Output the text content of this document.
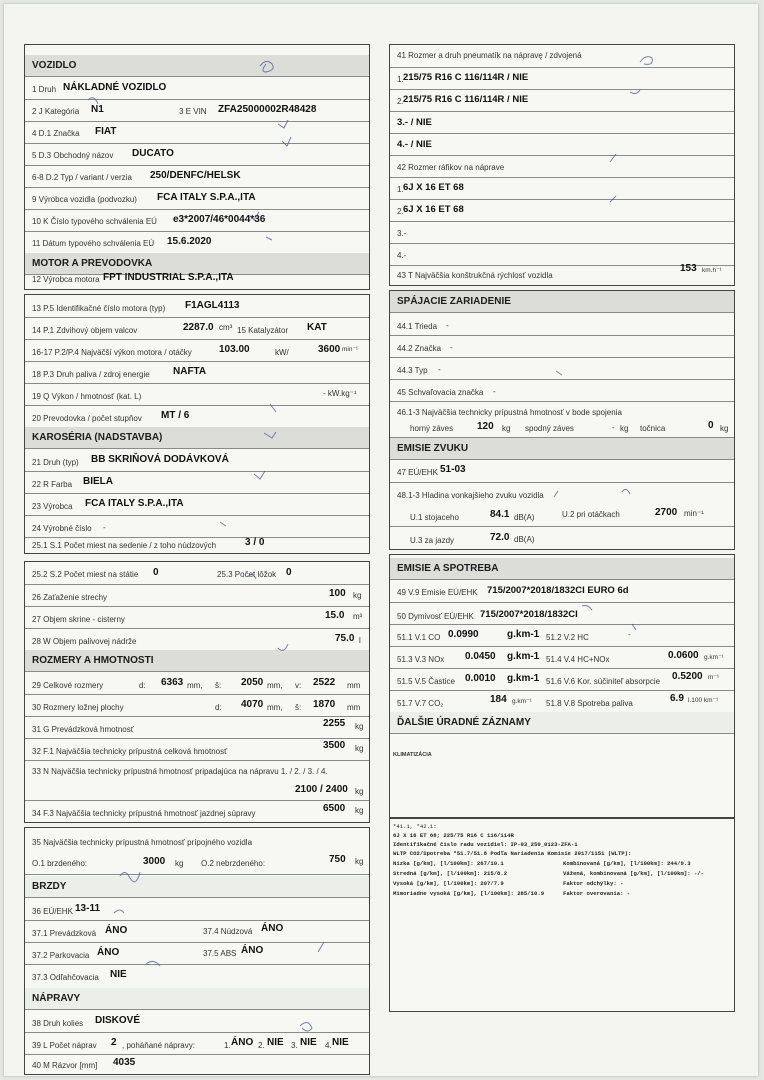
VOZIDLO
1 Druh NÁKLADNÉ VOZIDLO
2 J Kategória N1	3 E VIN ZFA25000002R48428
4 D.1 Značka FIAT
5 D.3 Obchodný názov DUCATO
6-8 D.2 Typ / variant / verzia 250/DENFC/HELSK
9 Výrobca vozidla (podvozku) FCA ITALY S.P.A.,ITA
10 K Číslo typového schválenia EÚ e3*2007/46*0044*36
11 Dátum typového schválenia EÚ 15.6.2020
MOTOR A PREVODOVKA
12 Výrobca motora FPT INDUSTRIAL S.P.A.,ITA
41 Rozmer a druh pneumatík na nápravę / zdvojená
1. 215/75 R16 C 116/114R / NIE
2. 215/75 R16 C 116/114R / NIE
3.- / NIE
4.- / NIE
42 Rozmer ráfikov na náprave
1. 6J X 16 ET 68
2. 6J X 16 ET 68
3.-
4.-
43 T Najväčšia konštrukčná rýchlosť vozidla
153 km.h⁻¹
13 P.5 Identifikačné číslo motora (typ) F1AGL4113
14 P.1 Zdvihový objem valcov	2287.0 cm³ 15 Katalyzátor KAT
16-17 P.2/P.4 Najväčší výkon motora / otáčky	103.00	kW/	3600 min⁻¹
18 P.3 Druh paliva / zdroj energie NAFTA
19 Q Výkon / hmotnosť (kat. L)	- kW.kg⁻¹
20 Prevodovka / počet stupňov MT / 6
KAROSÉRIA (NADSTAVBA)
21 Druh (typ) BB SKRIŇOVÁ DODÁVKOVÁ
22 R Farba BIELA
23 Výrobca FCA ITALY S.P.A.,ITA
24 Výrobné číslo -
25.1 S.1 Počet miest na sedenie / z toho núdzových	3 / 0
SPÁJACIE ZARIADENIE
44.1 Trieda -
44.2 Značka -
44.3 Typ -
45 Schvaľovacia značka -
46.1-3 Najväčšia technicky prípustná hmotnosť v bode spojenia
horný záves 120 kg spodný záves	- kg točnica	0 kg
EMISIE ZVUKU
47 EÚ/EHK 51-03
48.1-3 Hladina vonkajšieho zvuku vozidla
U.1 stojaceho	84.1 dB(A)	U.2 pri otáčkach	2700 min⁻¹
U.3 za jazdy	72.0 dB(A)
25.2 S.2 Počet miest na státie 0	25.3 Počet lôžok 0
26 Zaťaženie strechy	100 kg
27 Objem skrine - cisterny	15.0 m³
28 W Objem palivovej nádrže	75.0 l
ROZMERY A HMOTNOSTI
29 Celkové rozmery	d: 6363 mm, š: 2050 mm, v: 2522 mm
30 Rozmery ložnej plochy	d: 4070 mm, š: 1870 mm
31 G Prevádzková hmotnosť
2255 kg
32 F.1 Najväčšia technicky prípustná celková hmotnosť
3500 kg
33 N Najväčšia technicky prípustná hmotnosť pripadajúca na nápravu 1. / 2. / 3. / 4.
2100 / 2400 kg
34 F.3 Najväčšia technicky prípustná hmotnosť jazdnej súpravy	6500 kg
EMISIE A SPOTREBA
49 V.9 Emisie EÚ/EHK 715/2007*2018/1832CI EURO 6d
50 Dymivosť EÚ/EHK 715/2007*2018/1832CI
51.1 V.1 CO 0.0990	g.km-1 51.2 V.2 HC	-
51.3 V.3 NOx 0.0450 g.km-1 51.4 V.4 HC+NOx	0.0600 g.km⁻¹
51.5 V.5 Častice 0.0010 g.km-1 51.6 V.6 Kor. súčiniteľ absorpcie 0.5200 m⁻¹
51.7 V.7 CO₂	184 g.km⁻¹ 51.8 V.8 Spotreba paliva	6.9 l.100 km⁻¹
ĎALŠIE ÚRADNÉ ZÁZNAMY
KLIMATIZÁCIA
35 Najväčšia technicky prípustná hmotnosť prípojného vozidla
O.1 brzdeného:	3000 kg O.2 nebrzdeného:	750 kg
BRZDY
36 EÚ/EHK 13-11
37.1 Prevádzková ÁNO	37.4 Núdzová ÁNO
37.2 Parkovacia ÁNO	37.5 ABS ÁNO
37.3 Odľahčovacia NIE
NÁPRAVY
38 Druh kolies DISKOVÉ
39 L Počet náprav 2 , poháňané nápravy:	1. ÁNO 2. NIE 3. NIE 4. NIE
40 M Rázvor [mm] 4035
*41.1, *42.1:
6J X 16 ET 68; 225/75 R16 C 116/114R
Identifikačné číslo radu vozidiel: IP-03_250_0123-ZFA-1
WLTP CO2/Spotreba *51.7/51.8 Podľa Nariadenia Komisie 2017/1151 (WLTP):
Nízka [g/km], [l/100km]: 267/10.1	Kombinovaná [g/km], [l/100km]: 244/9.3
Stredná [g/km], [l/100km]: 215/8.2	Vážená, kombinovaná [g/km], [l/100km]: -/-
Vysoká [g/km], [l/100km]: 207/7.9	Faktor odchýlky: -
Mimoriadne vysoká [g/km], [l/100km]: 285/10.9	Faktor overovania: -
